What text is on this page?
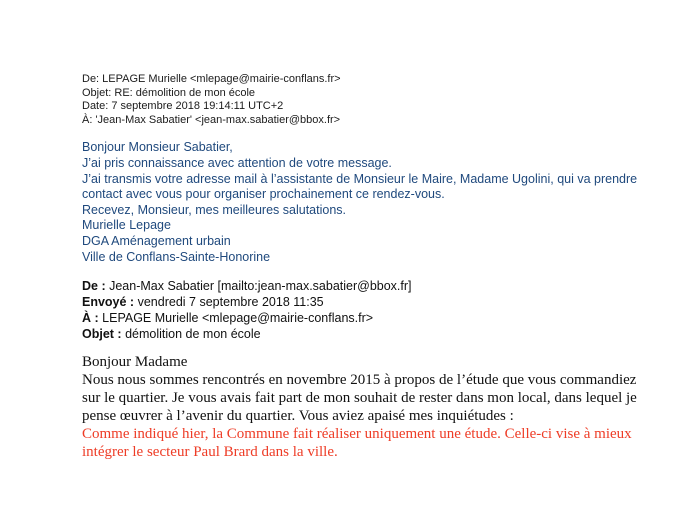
De: LEPAGE Murielle <mlepage@mairie-conflans.fr>
Objet: RE: démolition de mon école
Date: 7 septembre 2018 19:14:11 UTC+2
À: 'Jean-Max Sabatier' <jean-max.sabatier@bbox.fr>
Bonjour Monsieur Sabatier,
J’ai pris connaissance avec attention de votre message.
J’ai transmis votre adresse mail à l’assistante de Monsieur le Maire, Madame Ugolini, qui va prendre
contact avec vous pour organiser prochainement ce rendez-vous.
Recevez, Monsieur, mes meilleures salutations.
Murielle Lepage
DGA Aménagement urbain
Ville de Conflans-Sainte-Honorine
De : Jean-Max Sabatier [mailto:jean-max.sabatier@bbox.fr]
Envoyé : vendredi 7 septembre 2018 11:35
À : LEPAGE Murielle <mlepage@mairie-conflans.fr>
Objet : démolition de mon école
Bonjour Madame
Nous nous sommes rencontrés en novembre 2015 à propos de l’étude que vous commandiez
sur le quartier. Je vous avais fait part de mon souhait de rester dans mon local, dans lequel je
pense œuvrer à l’avenir du quartier. Vous aviez apaisé mes inquiétudes :
Comme indiqué hier, la Commune fait réaliser uniquement une étude. Celle-ci vise à mieux
intégrer le secteur Paul Brard dans la ville.
